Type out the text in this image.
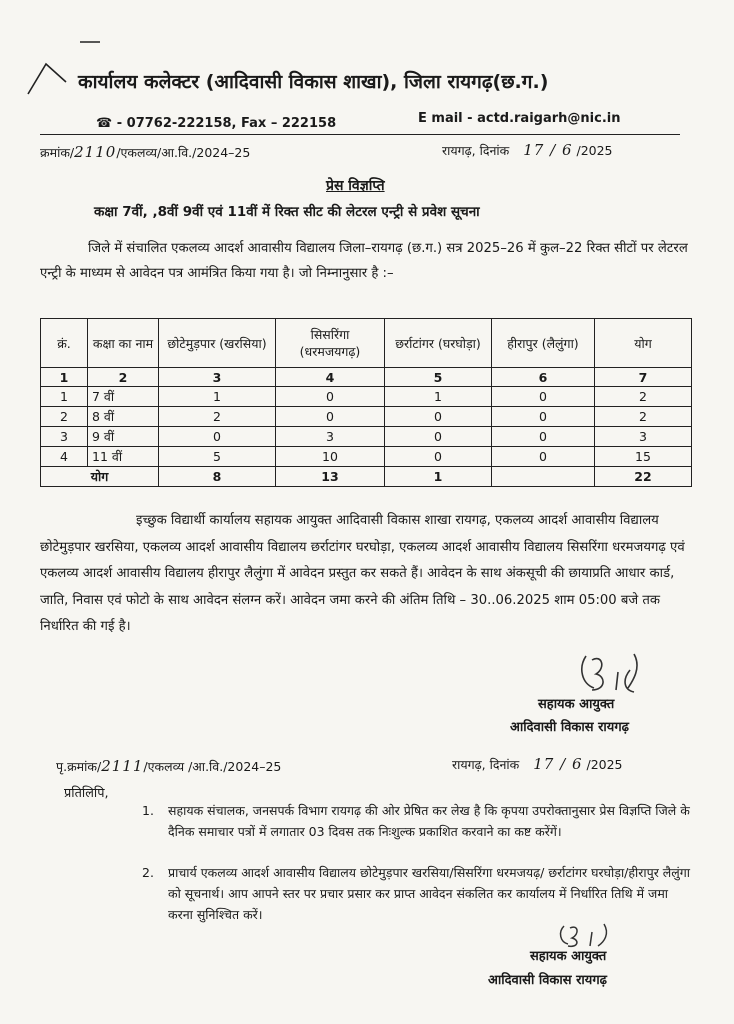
कार्यालय कलेक्टर (आदिवासी विकास शाखा), जिला रायगढ़(छ.ग.)
☎ - 07762-222158, Fax – 222158	E mail - actd.raigarh@nic.in
क्रमांक/2110/एकलव्य/आ.वि./2024–25	रायगढ़, दिनांक 17 / 6 /2025
प्रेस विज्ञप्ति
कक्षा 7वीं, ,8वीं 9वीं एवं 11वीं में रिक्त सीट की लेटरल एन्ट्री से प्रवेश सूचना
जिले में संचालित एकलव्य आदर्श आवासीय विद्यालय जिला–रायगढ़ (छ.ग.) सत्र 2025–26 में कुल–22 रिक्त सीटों पर लेटरल एन्ट्री के माध्यम से आवेदन पत्र आमंत्रित किया गया है। जो निम्नानुसार है :–
क्रं.	कक्षा का नाम	छोटेमुड़पार (खरसिया)	सिसरिंगा (धरमजयगढ़)	छर्राटांगर (घरघोड़ा)	हीरापुर (लैलुंगा)	योग
1	2	3	4	5	6	7
1	7 वीं	1	0	1	0	2
2	8 वीं	2	0	0	0	2
3	9 वीं	0	3	0	0	3
4	11 वीं	5	10	0	0	15
योग		8	13	1		22
इच्छुक विद्यार्थी कार्यालय सहायक आयुक्त आदिवासी विकास शाखा रायगढ़, एकलव्य आदर्श आवासीय विद्यालय छोटेमुड़पार खरसिया, एकलव्य आदर्श आवासीय विद्यालय छर्राटांगर घरघोड़ा, एकलव्य आदर्श आवासीय विद्यालय सिसरिंगा धरमजयगढ़ एवं एकलव्य आदर्श आवासीय विद्यालय हीरापुर लैलुंगा में आवेदन प्रस्तुत कर सकते हैं। आवेदन के साथ अंकसूची की छायाप्रति आधार कार्ड, जाति, निवास एवं फोटो के साथ आवेदन संलग्न करें। आवेदन जमा करने की अंतिम तिथि – 30..06.2025 शाम 05:00 बजे तक निर्धारित की गई है।
सहायक आयुक्त
आदिवासी विकास रायगढ़
पृ.क्रमांक/2111/एकलव्य /आ.वि./2024–25	रायगढ़, दिनांक 17 / 6 /2025
प्रतिलिपि,
1. सहायक संचालक, जनसपर्क विभाग रायगढ़ की ओर प्रेषित कर लेख है कि कृपया उपरोक्तानुसार प्रेस विज्ञप्ति जिले के दैनिक समाचार पत्रों में लगातार 03 दिवस तक निःशुल्क प्रकाशित करवाने का कष्ट करेंगें।
2. प्राचार्य एकलव्य आदर्श आवासीय विद्यालय छोटेमुड़पार खरसिया/सिसरिंगा धरमजयढ़/ छर्राटांगर घरघोड़ा/हीरापुर लैलुंगा को सूचनार्थ। आप आपने स्तर पर प्रचार प्रसार कर प्राप्त आवेदन संकलित कर कार्यालय में निर्धारित तिथि में जमा करना सुनिश्चित करें।
सहायक आयुक्त
आदिवासी विकास रायगढ़
